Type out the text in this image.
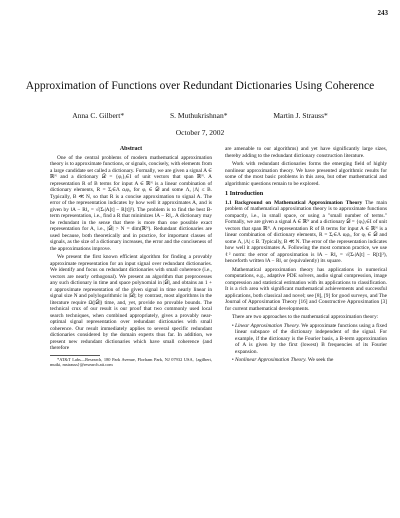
243
Approximation of Functions over Redundant Dictionaries Using Coherence
Anna C. Gilbert*	S. Muthukrishnan*	Martin J. Strauss*
October 7, 2002
Abstract

One of the central problems of modern mathematical approximation theory is to approximate functions, or signals, concisely, with elements from a large candidate set called a dictionary. Formally, we are given a signal A ∈ ℝᴺ and a dictionary 𝒟 = {φᵢ}ᵢ∈I of unit vectors that span ℝᴺ. A representation R of B terms for input A ∈ ℝᴺ is a linear combination of dictionary elements, R = Σᵢ∈Λ αᵢφᵢ, for φᵢ ∈ 𝒟 and some Λ, |Λ| ≤ B. Typically, B ≪ N, so that R is a concise approximation to signal A. The error of the representation indicates by how well it approximates A, and is given by ‖A − R‖₂ = √(Σₜ|A[t] − R[t]|²). The problem is to find the best B-term representation, i.e., find a R that minimizes ‖A − R‖₂. A dictionary may be redundant in the sense that there is more than one possible exact representation for A, i.e., |𝒟| > N = dim(ℝᴺ). Redundant dictionaries are used because, both theoretically and in practice, for important classes of signals, as the size of a dictionary increases, the error and the conciseness of the approximations improve.

We present the first known efficient algorithm for finding a provably approximate representation for an input signal over redundant dictionaries. We identify and focus on redundant dictionaries with small coherence (i.e., vectors are nearly orthogonal). We present an algorithm that preprocesses any such dictionary in time and space polynomial in |𝒟|, and obtains an 1 + ε approximate representation of the given signal in time nearly linear in signal size N and polylogarithmic in |𝒟|; by contrast, most algorithms in the literature require Ω(|𝒟|) time, and, yet, provide no provable bounds. The technical crux of our result is our proof that two commonly used local search techniques, when combined appropriately, gives a provably near-optimal signal representation over redundant dictionaries with small coherence. Our result immediately applies to several specific redundant dictionaries considered by the domain experts thus far. In addition, we present new redundant dictionaries which have small coherence (and therefore

*AT&T Labs—Research, 180 Park Avenue, Florham Park, NJ 07932 USA, {agilbert, mutki, mstrauss}@research.att.com

are amenable to our algorithms) and yet have significantly large sizes, thereby adding to the redundant dictionary construction literature.

Work with redundant dictionaries forms the emerging field of highly nonlinear approximation theory. We have presented algorithmic results for some of the most basic problems in this area, but other mathematical and algorithmic questions remain to be explored.

1 Introduction

1.1 Background on Mathematical Approximation Theory The main problem of mathematical approximation theory is to approximate functions compactly, i.e., in small space, or using a "small number of terms." Formally, we are given a signal A ∈ ℝᴺ and a dictionary 𝒟 = {φᵢ}ᵢ∈I of unit vectors that span ℝᴺ. A representation R of B terms for input A ∈ ℝᴺ is a linear combination of dictionary elements, R = Σᵢ∈Λ αᵢφᵢ, for φᵢ ∈ 𝒟 and some Λ, |Λ| ≤ B. Typically, B ≪ N. The error of the representation indicates how well it approximates A. Following the most common practice, we use ℓ² norm: the error of approximation is ‖A − R‖₂ = √(Σₜ|A[t] − R[t]|²), henceforth written ‖A − R‖, or (equivalently) its square.

Mathematical approximation theory has applications in numerical computations, e.g., adaptive PDE solvers, audio signal compression, image compression and statistical estimation with its applications to classification. It is a rich area with significant mathematical achievements and successful applications, both classical and novel; see [8], [9] for good surveys, and The Journal of Approximation Theory [16] and Constructive Approximation [3] for current mathematical developments.

There are two approaches to the mathematical approximation theory:

• Linear Approximation Theory. We approximate functions using a fixed linear subspace of the dictionary independent of the signal. For example, if the dictionary is the Fourier basis, a B-term approximation of A is given by the first (lowest) B frequencies of its Fourier expansion.
• Nonlinear Approximation Theory. We seek the
